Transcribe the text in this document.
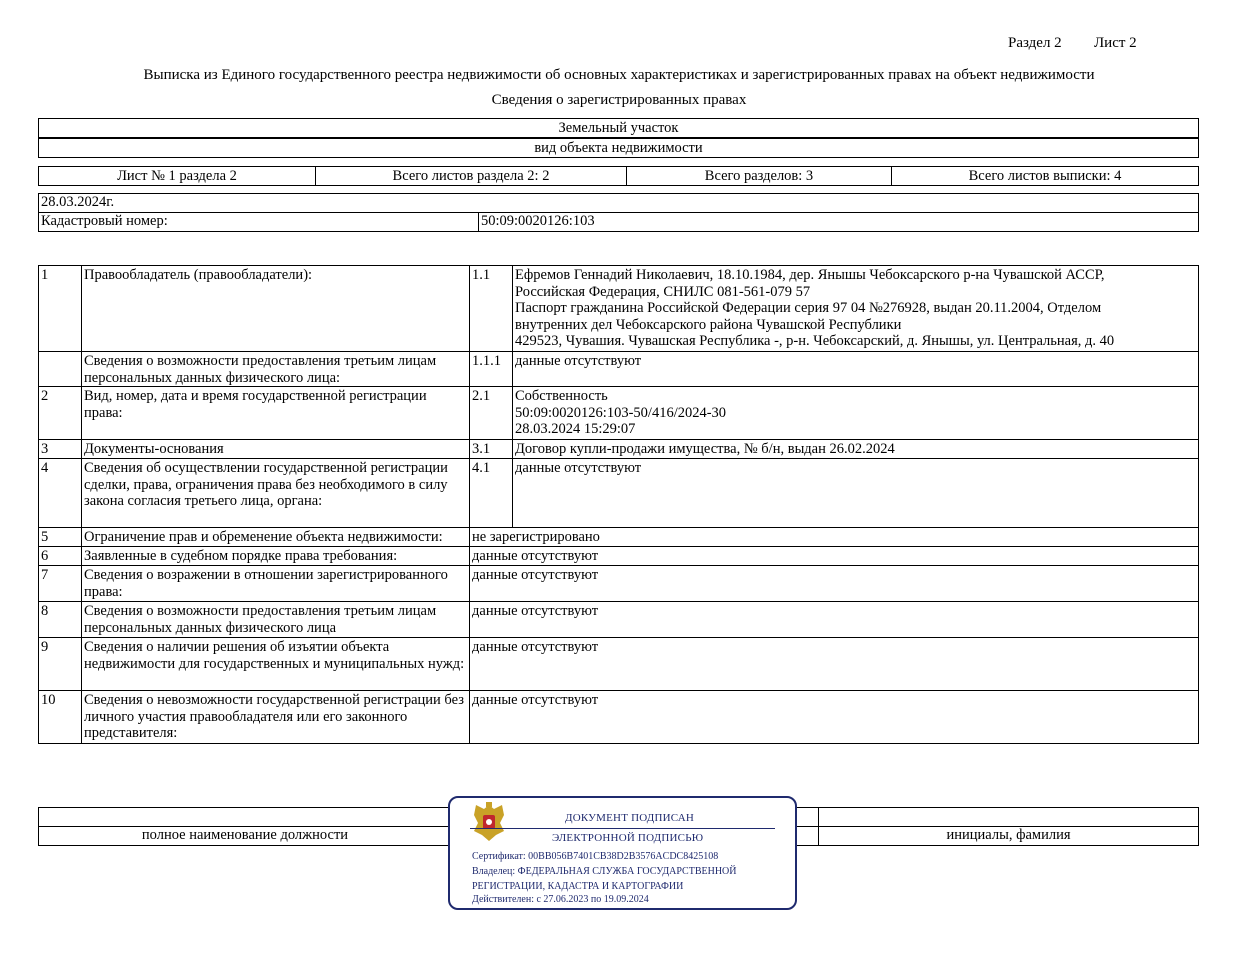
Раздел 2 Лист 2
Выписка из Единого государственного реестра недвижимости об основных характеристиках и зарегистрированных правах на объект недвижимости
Сведения о зарегистрированных правах
Земельный участок
вид объекта недвижимости
Лист № 1 раздела 2	Всего листов раздела 2: 2	Всего разделов: 3	Всего листов выписки: 4
28.03.2024г.
Кадастровый номер:	50:09:0020126:103
1	Правообладатель (правообладатели):	1.1	Ефремов Геннадий Николаевич, 18.10.1984, дер. Янышы Чебоксарского р-на Чувашской АССР,
Российская Федерация, СНИЛС 081-561-079 57
Паспорт гражданина Российской Федерации серия 97 04 №276928, выдан 20.11.2004, Отделом
внутренних дел Чебоксарского района Чувашской Республики
429523, Чувашия. Чувашская Республика -, р-н. Чебоксарский, д. Янышы, ул. Центральная, д. 40

	Сведения о возможности предоставления третьим лицам персональных данных физического лица:	1.1.1	данные отсутствуют
2	Вид, номер, дата и время государственной регистрации права:	2.1	Собственность
50:09:0020126:103-50/416/2024-30
28.03.2024 15:29:07

3	Документы-основания	3.1	Договор купли-продажи имущества, № б/н, выдан 26.02.2024
4	Сведения об осуществлении государственной регистрации сделки, права, ограничения права без необходимого в силу закона согласия третьего лица, органа:	4.1	данные отсутствуют
5	Ограничение прав и обременение объекта недвижимости:	не зарегистрировано	
6	Заявленные в судебном порядке права требования:	данные отсутствуют	
7	Сведения о возражении в отношении зарегистрированного права:	данные отсутствуют	
8	Сведения о возможности предоставления третьим лицам персональных данных физического лица	данные отсутствуют	
9	Сведения о наличии решения об изъятии объекта недвижимости для государственных и муниципальных нужд:	данные отсутствуют	
10	Сведения о невозможности государственной регистрации без личного участия правообладателя или его законного представителя:	данные отсутствуют	

полное наименование должности		инициалы, фамилия
ДОКУМЕНТ ПОДПИСАН
ЭЛЕКТРОННОЙ ПОДПИСЬЮ
Сертификат: 00BB056B7401CB38D2B3576ACDC8425108
Владелец: ФЕДЕРАЛЬНАЯ СЛУЖБА ГОСУДАРСТВЕННОЙ
РЕГИСТРАЦИИ, КАДАСТРА И КАРТОГРАФИИ
Действителен: с 27.06.2023 по 19.09.2024
